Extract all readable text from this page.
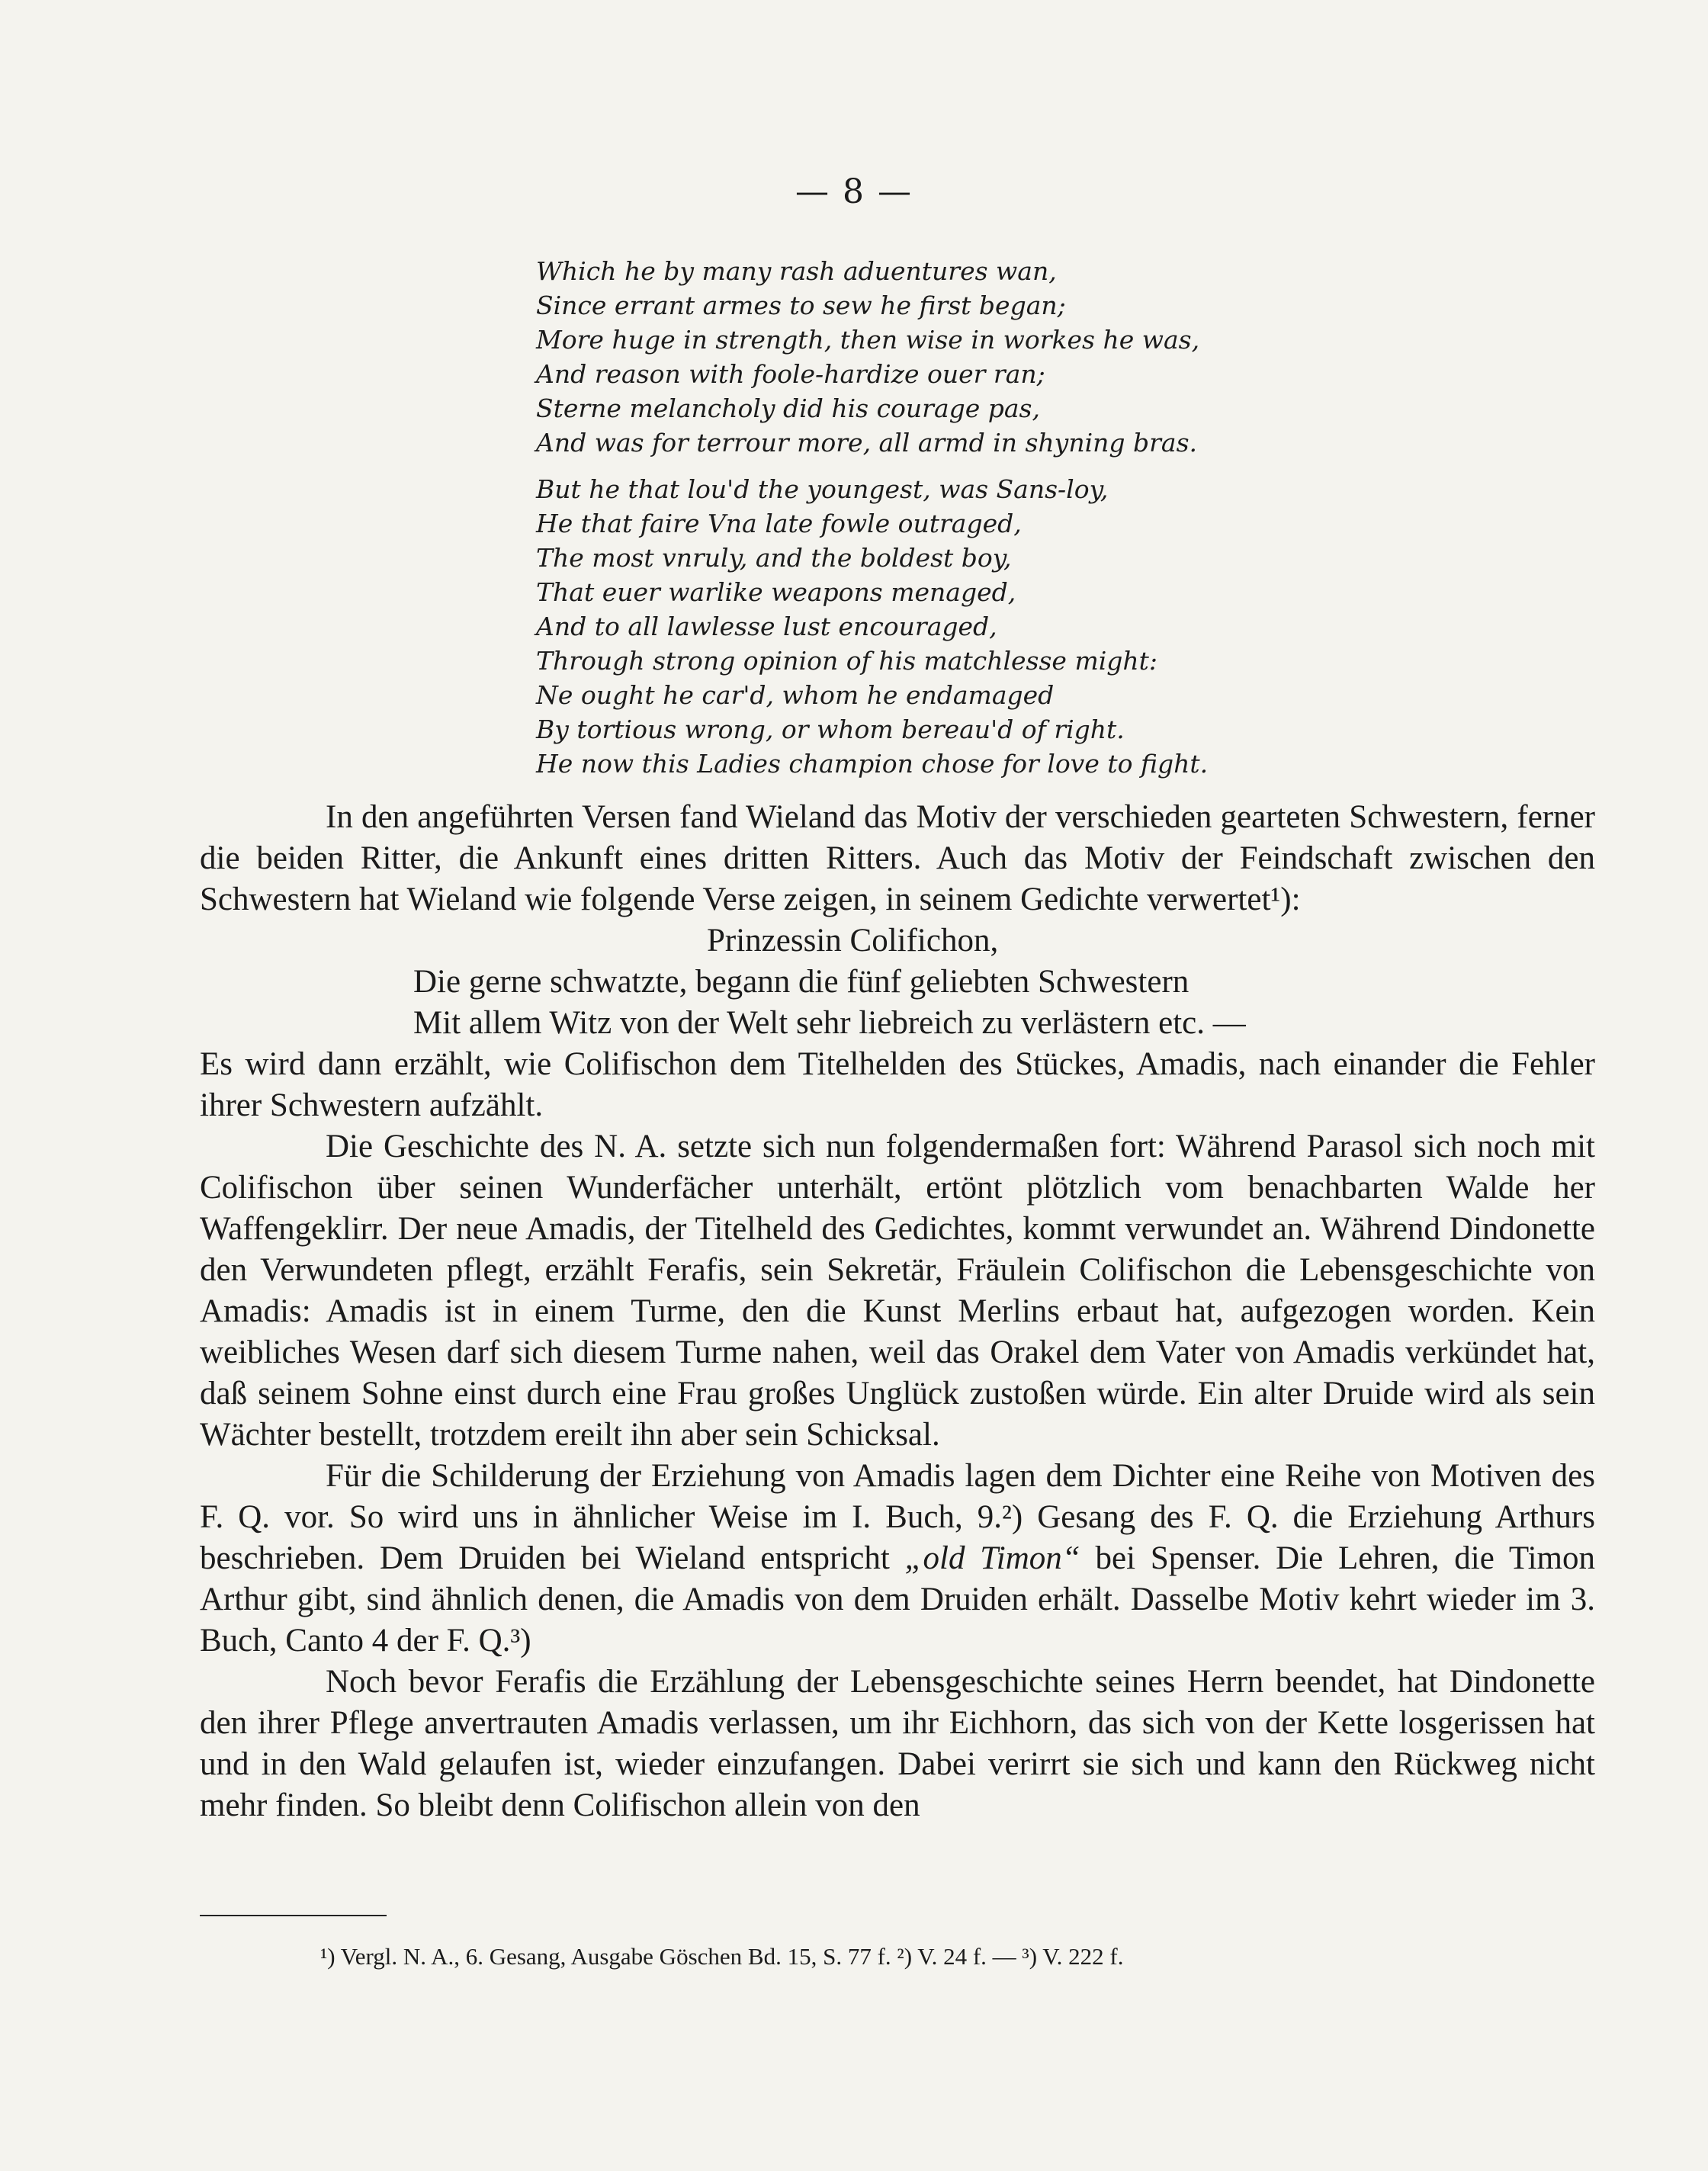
— 8 —
Which he by many rash aduentures wan,
Since errant armes to sew he first began;
More huge in strength, then wise in workes he was,
And reason with foole-hardize ouer ran;
Sterne melancholy did his courage pas,
And was for terrour more, all armd in shyning bras.
But he that lou'd the youngest, was Sans-loy,
He that faire Vna late fowle outraged,
The most vnruly, and the boldest boy,
That euer warlike weapons menaged,
And to all lawlesse lust encouraged,
Through strong opinion of his matchlesse might:
Ne ought he car'd, whom he endamaged
By tortious wrong, or whom bereau'd of right.
He now this Ladies champion chose for love to fight.

In den angeführten Versen fand Wieland das Motiv der verschieden gearteten Schwestern, ferner die beiden Ritter, die Ankunft eines dritten Ritters. Auch das Motiv der Feindschaft zwischen den Schwestern hat Wieland wie folgende Verse zeigen, in seinem Gedichte verwertet¹):

Prinzessin Colifichon,

Die gerne schwatzte, begann die fünf geliebten Schwestern

Mit allem Witz von der Welt sehr liebreich zu verlästern etc. —

Es wird dann erzählt, wie Colifischon dem Titelhelden des Stückes, Amadis, nach einander die Fehler ihrer Schwestern aufzählt.

Die Geschichte des N. A. setzte sich nun folgendermaßen fort: Während Parasol sich noch mit Colifischon über seinen Wunderfächer unterhält, ertönt plötzlich vom benachbarten Walde her Waffengeklirr. Der neue Amadis, der Titelheld des Gedichtes, kommt verwundet an. Während Dindonette den Verwundeten pflegt, erzählt Ferafis, sein Sekretär, Fräulein Colifischon die Lebensgeschichte von Amadis: Amadis ist in einem Turme, den die Kunst Merlins erbaut hat, aufgezogen worden. Kein weibliches Wesen darf sich diesem Turme nahen, weil das Orakel dem Vater von Amadis verkündet hat, daß seinem Sohne einst durch eine Frau großes Unglück zustoßen würde. Ein alter Druide wird als sein Wächter bestellt, trotzdem ereilt ihn aber sein Schicksal.

Für die Schilderung der Erziehung von Amadis lagen dem Dichter eine Reihe von Motiven des F. Q. vor. So wird uns in ähnlicher Weise im I. Buch, 9.²) Gesang des F. Q. die Erziehung Arthurs beschrieben. Dem Druiden bei Wieland entspricht „old Timon“ bei Spenser. Die Lehren, die Timon Arthur gibt, sind ähnlich denen, die Amadis von dem Druiden erhält. Dasselbe Motiv kehrt wieder im 3. Buch, Canto 4 der F. Q.³)

Noch bevor Ferafis die Erzählung der Lebensgeschichte seines Herrn beendet, hat Dindonette den ihrer Pflege anvertrauten Amadis verlassen, um ihr Eichhorn, das sich von der Kette losgerissen hat und in den Wald gelaufen ist, wieder einzufangen. Dabei verirrt sie sich und kann den Rückweg nicht mehr finden. So bleibt denn Colifischon allein von den

¹) Vergl. N. A., 6. Gesang, Ausgabe Göschen Bd. 15, S. 77 f. ²) V. 24 f. — ³) V. 222 f.
